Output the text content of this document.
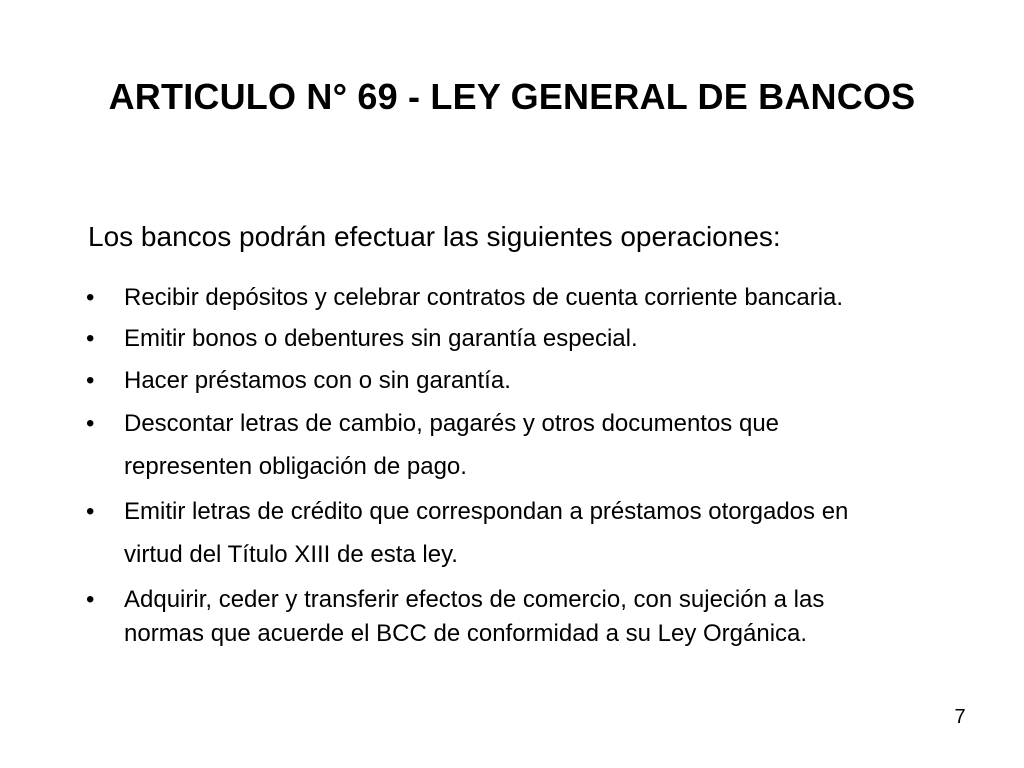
ARTICULO N° 69 - LEY GENERAL DE BANCOS

Los bancos podrán efectuar las siguientes operaciones:

• Recibir depósitos y celebrar contratos de cuenta corriente bancaria.
• Emitir bonos o debentures sin garantía especial.
• Hacer préstamos con o sin garantía.
• Descontar letras de cambio, pagarés y otros documentos que
representen obligación de pago.
• Emitir letras de crédito que correspondan a préstamos otorgados en
virtud del Título XIII de esta ley.
• Adquirir, ceder y transferir efectos de comercio, con sujeción a las
normas que acuerde el BCC de conformidad a su Ley Orgánica.
7
